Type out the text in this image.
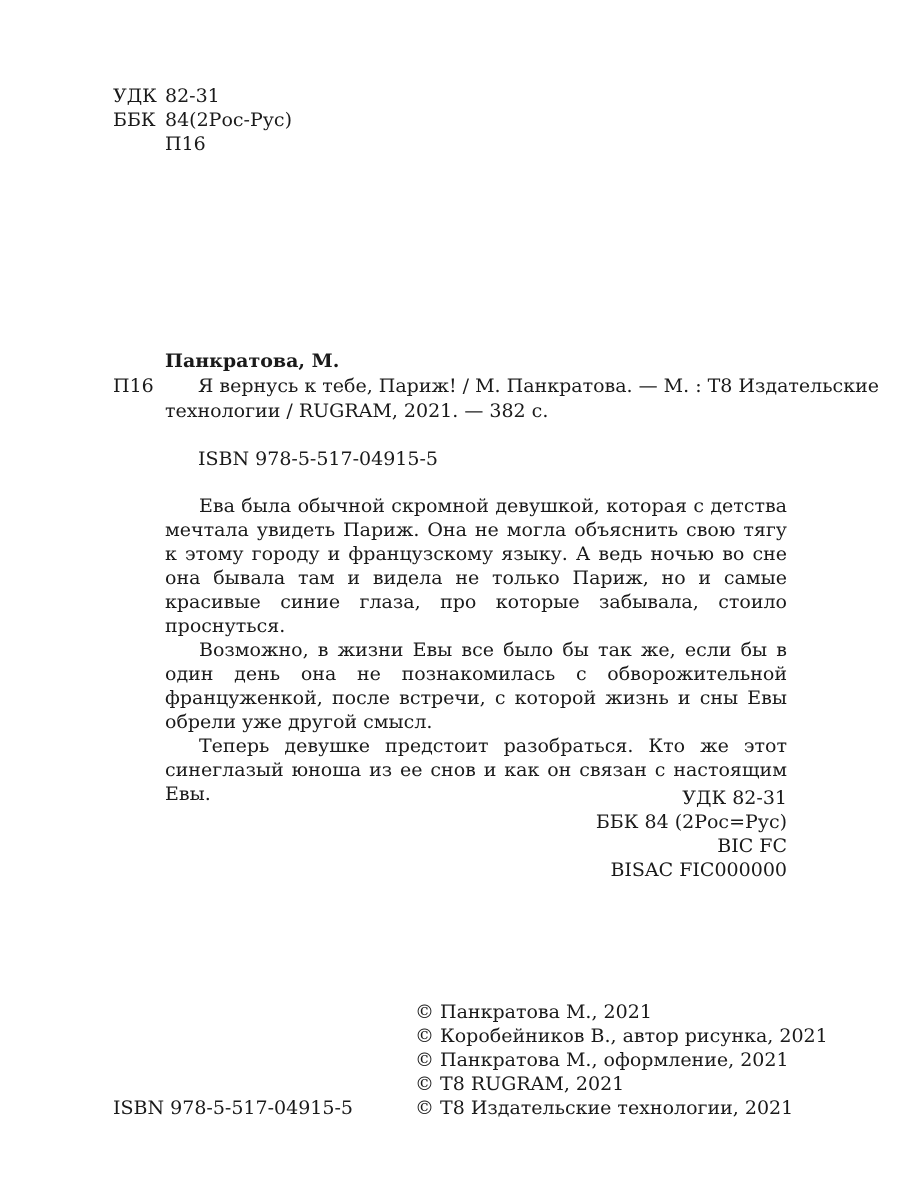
УДК 82-31
ББК 84(2Рос-Рус)
П16
Панкратова, М.
П16 Я вернусь к тебе, Париж! / М. Панкратова. — М. : Т8 Издательские
технологии / RUGRAM, 2021. — 382 с.
ISBN 978-5-517-04915-5

Ева была обычной скромной девушкой, которая с детства мечтала увидеть Париж. Она не могла объяснить свою тягу к этому городу и французскому языку. А ведь ночью во сне она бывала там и видела не только Париж, но и самые красивые синие глаза, про которые забывала, стоило проснуться.

Возможно, в жизни Евы все было бы так же, если бы в один день она не познакомилась с обворожительной француженкой, после встречи, с которой жизнь и сны Евы обрели уже другой смысл.

Теперь девушке предстоит разобраться. Кто же этот синеглазый юноша из ее снов и как он связан с настоящим Евы.	УДК 82-31
ББК 84 (2Рос=Рус)
BIC FC
BISAC FIC000000
ISBN 978-5-517-04915-5
© Панкратова М., 2021
© Коробейников В., автор рисунка, 2021
© Панкратова М., оформление, 2021
© Т8 RUGRAM, 2021
© Т8 Издательские технологии, 2021
